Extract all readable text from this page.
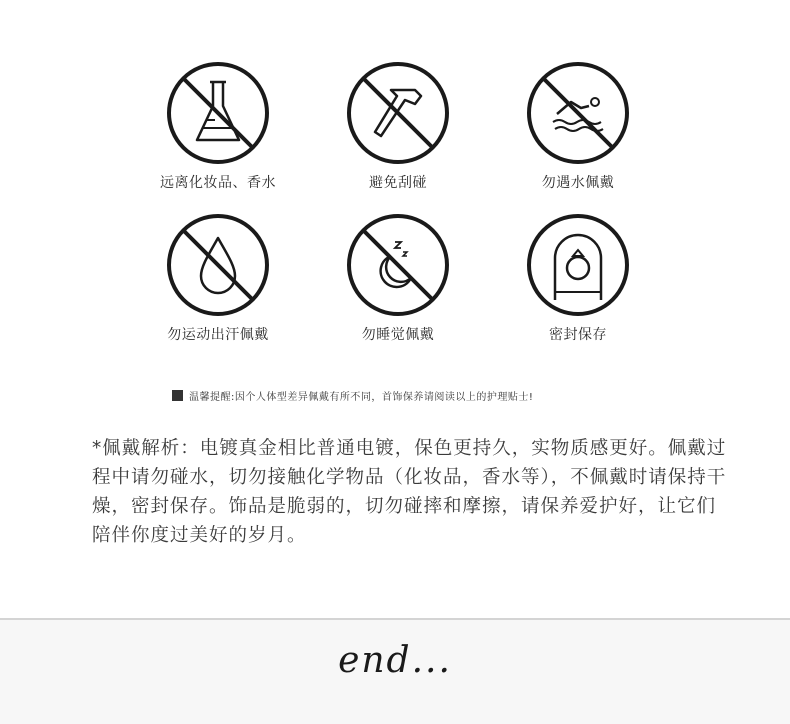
远离化妆品、香水	避免刮碰	勿遇水佩戴
勿运动出汗佩戴	勿睡觉佩戴	密封保存
温馨提醒:因个人体型差异佩戴有所不同，首饰保养请阅读以上的护理贴士!
*佩戴解析：电镀真金相比普通电镀，保色更持久，实物质感更好。佩戴过程中请勿碰水，切勿接触化学物品（化妆品，香水等），不佩戴时请保持干燥，密封保存。饰品是脆弱的，切勿碰摔和摩擦，请保养爱护好，让它们陪伴你度过美好的岁月。
end...
